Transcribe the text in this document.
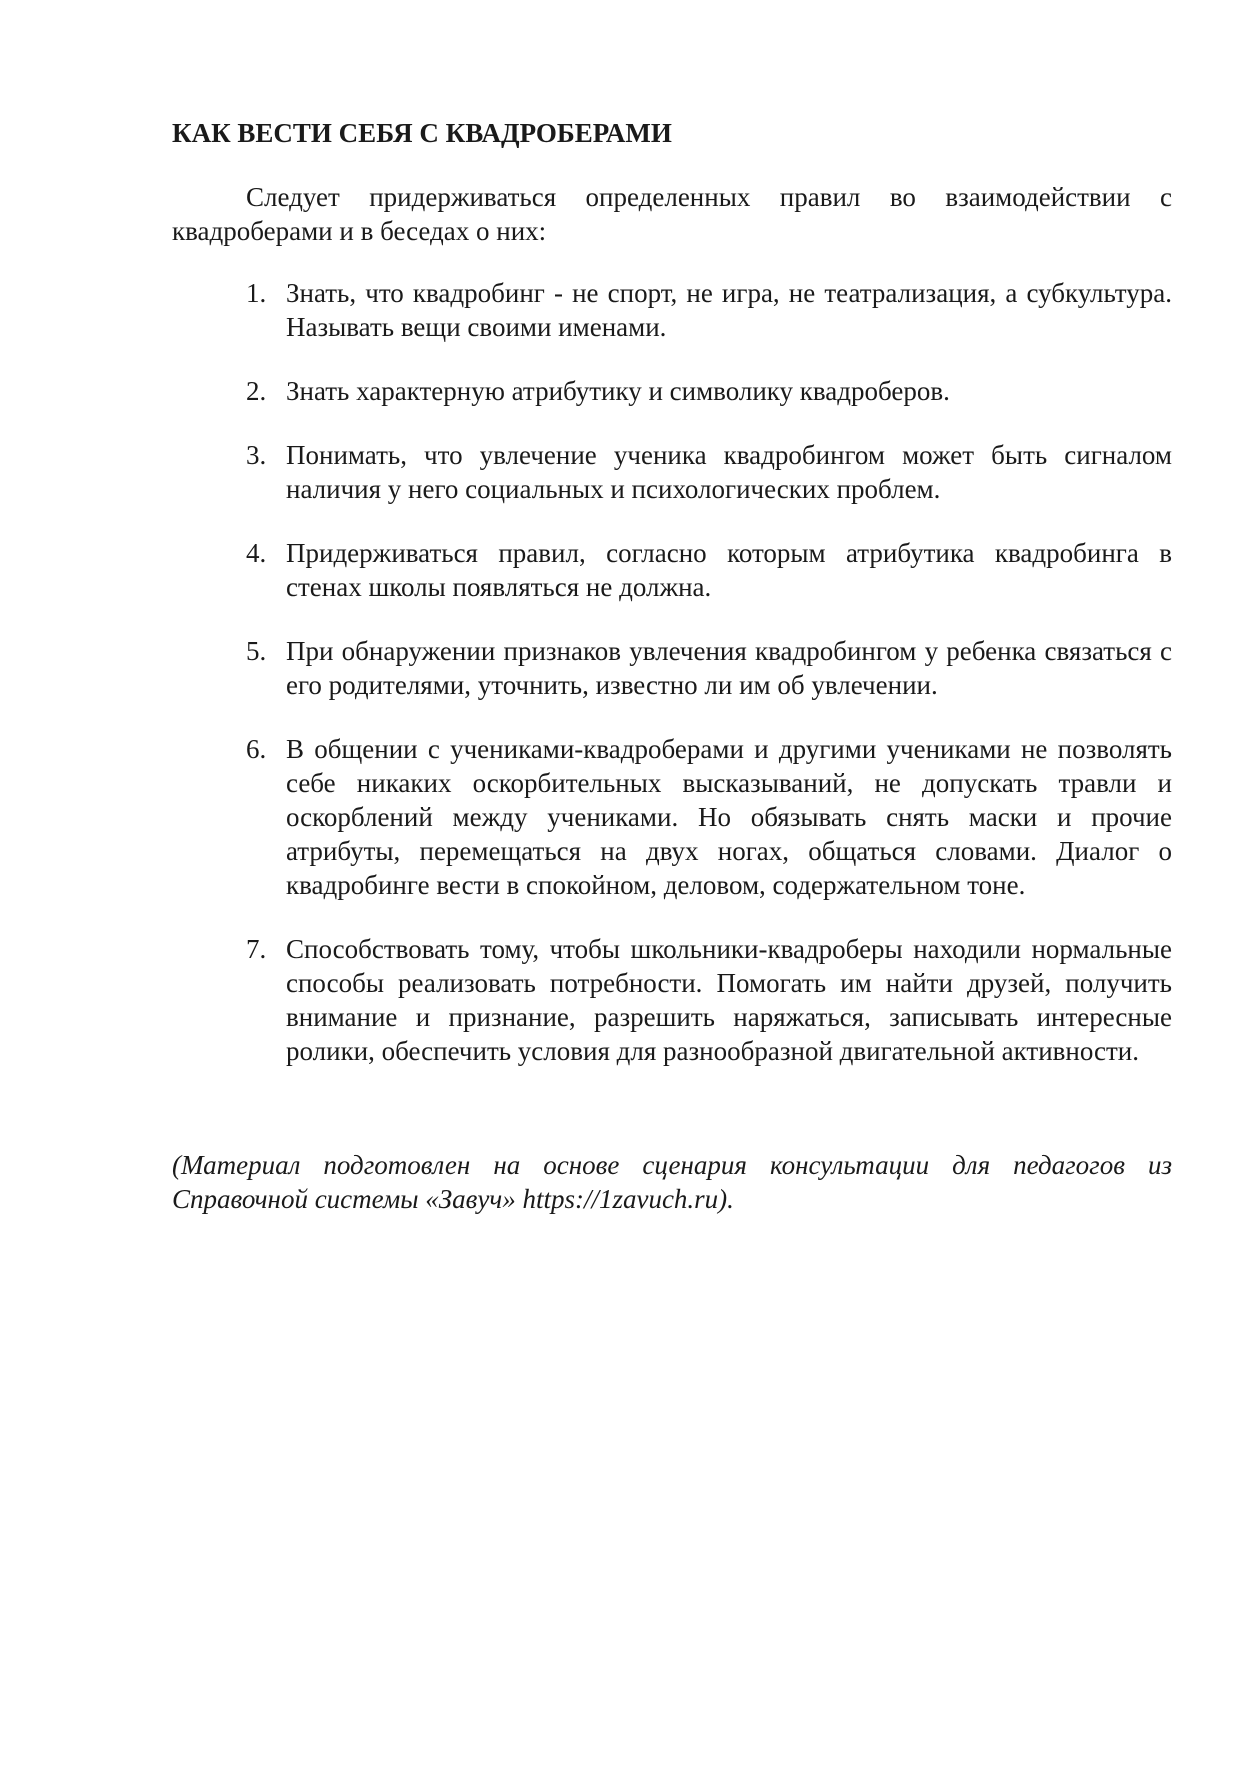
КАК ВЕСТИ СЕБЯ С КВАДРОБЕРАМИ

Следует придерживаться определенных правил во взаимодействии с квадроберами и в беседах о них:

1. Знать, что квадробинг - не спорт, не игра, не театрализация, а субкультура. Называть вещи своими именами.
2. Знать характерную атрибутику и символику квадроберов.
3. Понимать, что увлечение ученика квадробингом может быть сигналом наличия у него социальных и психологических проблем.
4. Придерживаться правил, согласно которым атрибутика квадробинга в стенах школы появляться не должна.
5. При обнаружении признаков увлечения квадробингом у ребенка связаться с его родителями, уточнить, известно ли им об увлечении.
6. В общении с учениками-квадроберами и другими учениками не позволять себе никаких оскорбительных высказываний, не допускать травли и оскорблений между учениками. Но обязывать снять маски и прочие атрибуты, перемещаться на двух ногах, общаться словами. Диалог о квадробинге вести в спокойном, деловом, содержательном тоне.
7. Способствовать тому, чтобы школьники-квадроберы находили нормальные способы реализовать потребности. Помогать им найти друзей, получить внимание и признание, разрешить наряжаться, записывать интересные ролики, обеспечить условия для разнообразной двигательной активности.

(Материал подготовлен на основе сценария консультации для педагогов из Справочной системы «Завуч» https://1zavuch.ru).
